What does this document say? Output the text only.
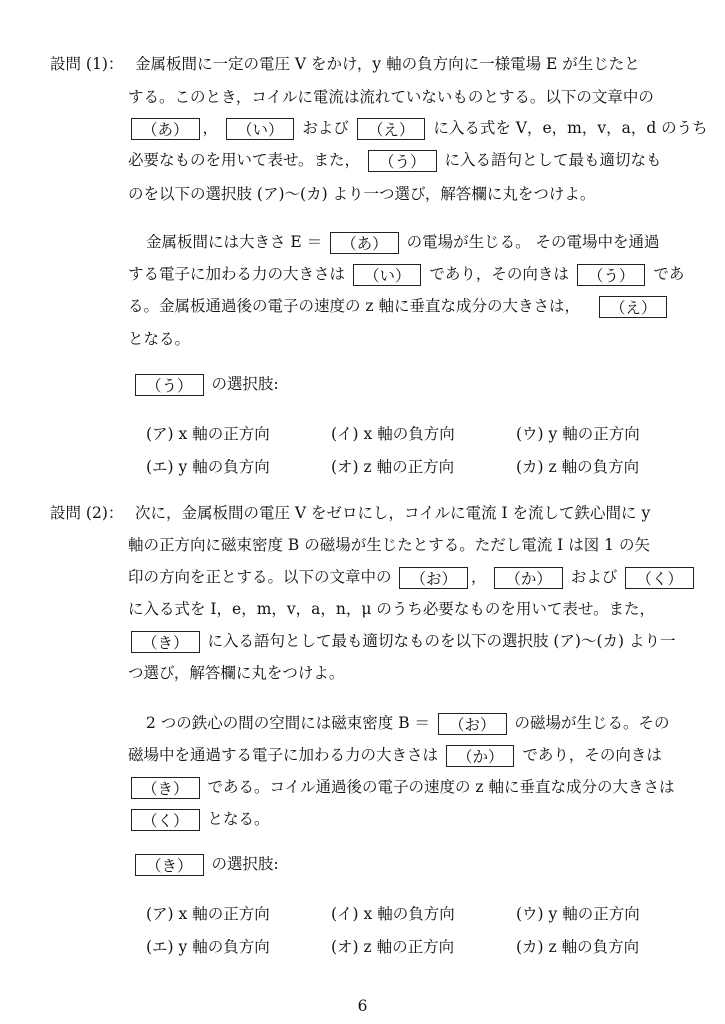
設問 (1)： 金属板間に一定の電圧 V をかけ，y 軸の負方向に一様電場 E が生じたと
する。このとき，コイルに電流は流れていないものとする。以下の文章中の
（あ） ， （い） および （え） に入る式を V，e，m，v，a，d のうち
必要なものを用いて表せ。また， （う） に入る語句として最も適切なも
のを以下の選択肢 (ア)〜(カ) より一つ選び，解答欄に丸をつけよ。
金属板間には大きさ E ＝ （あ） の電場が生じる。 その電場中を通過
する電子に加わる力の大きさは （い） であり，その向きは （う） であ
る。金属板通過後の電子の速度の z 軸に垂直な成分の大きさは， （え）
となる。
（う） の選択肢:
(ア) x 軸の正方向	(イ) x 軸の負方向	(ウ) y 軸の正方向
(エ) y 軸の負方向	(オ) z 軸の正方向	(カ) z 軸の負方向
設問 (2)： 次に，金属板間の電圧 V をゼロにし，コイルに電流 I を流して鉄心間に y
軸の正方向に磁束密度 B の磁場が生じたとする。ただし電流 I は図 1 の矢
印の方向を正とする。以下の文章中の （お） ， （か） および （く）
に入る式を I，e，m，v，a，n，μ のうち必要なものを用いて表せ。また，
（き） に入る語句として最も適切なものを以下の選択肢 (ア)〜(カ) より一
つ選び，解答欄に丸をつけよ。
2 つの鉄心の間の空間には磁束密度 B ＝ （お） の磁場が生じる。その
磁場中を通過する電子に加わる力の大きさは （か） であり，その向きは
（き） である。コイル通過後の電子の速度の z 軸に垂直な成分の大きさは
（く） となる。
（き） の選択肢:
(ア) x 軸の正方向	(イ) x 軸の負方向	(ウ) y 軸の正方向
(エ) y 軸の負方向	(オ) z 軸の正方向	(カ) z 軸の負方向
6
